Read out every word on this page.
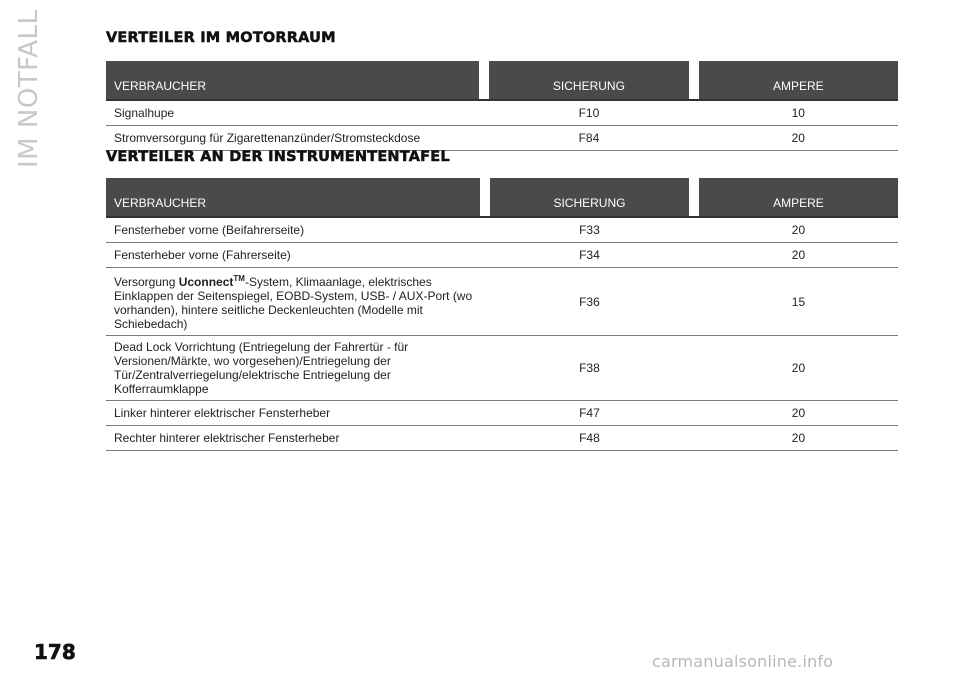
IM NOTFALL	VERTEILER IM MOTORRAUM
VERBRAUCHER		SICHERUNG		AMPERE
Signalhupe		F10		10
Stromversorgung für Zigarettenanzünder/Stromsteckdose		F84		20
VERTEILER AN DER INSTRUMENTENTAFEL
VERBRAUCHER		SICHERUNG		AMPERE
Fensterheber vorne (Beifahrerseite)		F33		20
Fensterheber vorne (Fahrerseite)		F34		20

Versorgung Uconnect™-System, Klimaanlage, elektrisches Einklappen der Seitenspiegel, EOBD-System, USB- / AUX-Port (wo vorhanden), hintere seitliche Deckenleuchten (Modelle mit Schiebedach)		F36		15

Dead Lock Vorrichtung (Entriegelung der Fahrertür - für Versionen/Märkte, wo vorgesehen)/Entriegelung der Tür/Zentralverriegelung/elektrische Entriegelung der Kofferraumklappe		F38		20
Linker hinterer elektrischer Fensterheber		F47		20
Rechter hinterer elektrischer Fensterheber		F48		20
178	carmanualsonline.info
